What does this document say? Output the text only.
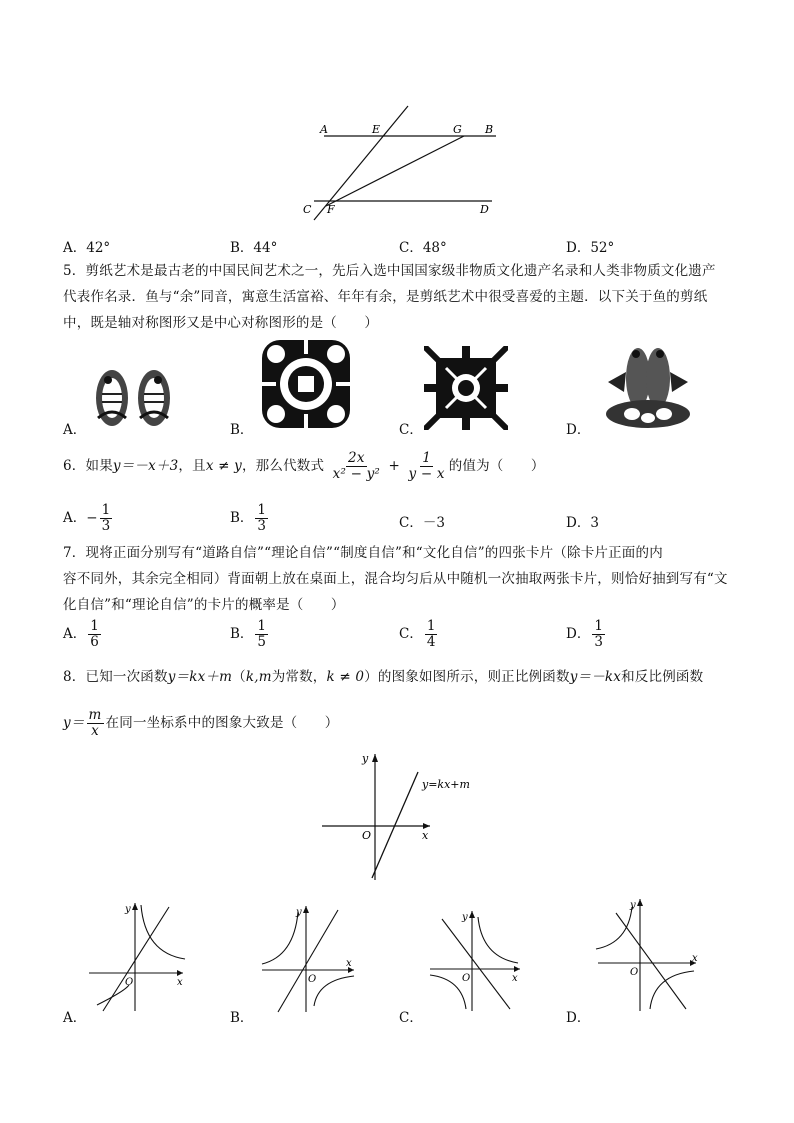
A	E	G B
C F	D
A．42°	B．44°	C．48°	D．52°
5．剪纸艺术是最古老的中国民间艺术之一，先后入选中国国家级非物质文化遗产名录和人类非物质文化遗产
代表作名录．鱼与“余”同音，寓意生活富裕、年年有余，是剪纸艺术中很受喜爱的主题．以下关于鱼的剪纸
中，既是轴对称图形又是中心对称图形的是（　　）
A．	B．	C．	D．
6．如果y＝－x＋3，且x ≠ y，那么代数式 $\frac{2x}{\text{x² − y²}} + \frac{1}{y - x}$ 的值为（　　）
A．− $\frac{1}{3}$	B． $\frac{1}{3}$	C．－3	D．3
7．现将正面分别写有“道路自信”“理论自信”“制度自信”和“文化自信”的四张卡片（除卡片正面的内
容不同外，其余完全相同）背面朝上放在桌面上，混合均匀后从中随机一次抽取两张卡片，则恰好抽到写有“文
化自信”和“理论自信”的卡片的概率是（　　）
A． $\frac{1}{6}$	B． $\frac{1}{5}$	C． $\frac{1}{4}$	D． $\frac{1}{3}$
8．已知一次函数y＝kx＋m（k,m为常数，k ≠ 0）的图象如图所示，则正比例函数y＝－kx和反比例函数
$y= \frac{m}{x}$ 在同一坐标系中的图象大致是（　　）
y
x
O
y=kx+m
y
x
O
A．
y
x
O
B．
y
x
O
C．
y
x
O
D．
